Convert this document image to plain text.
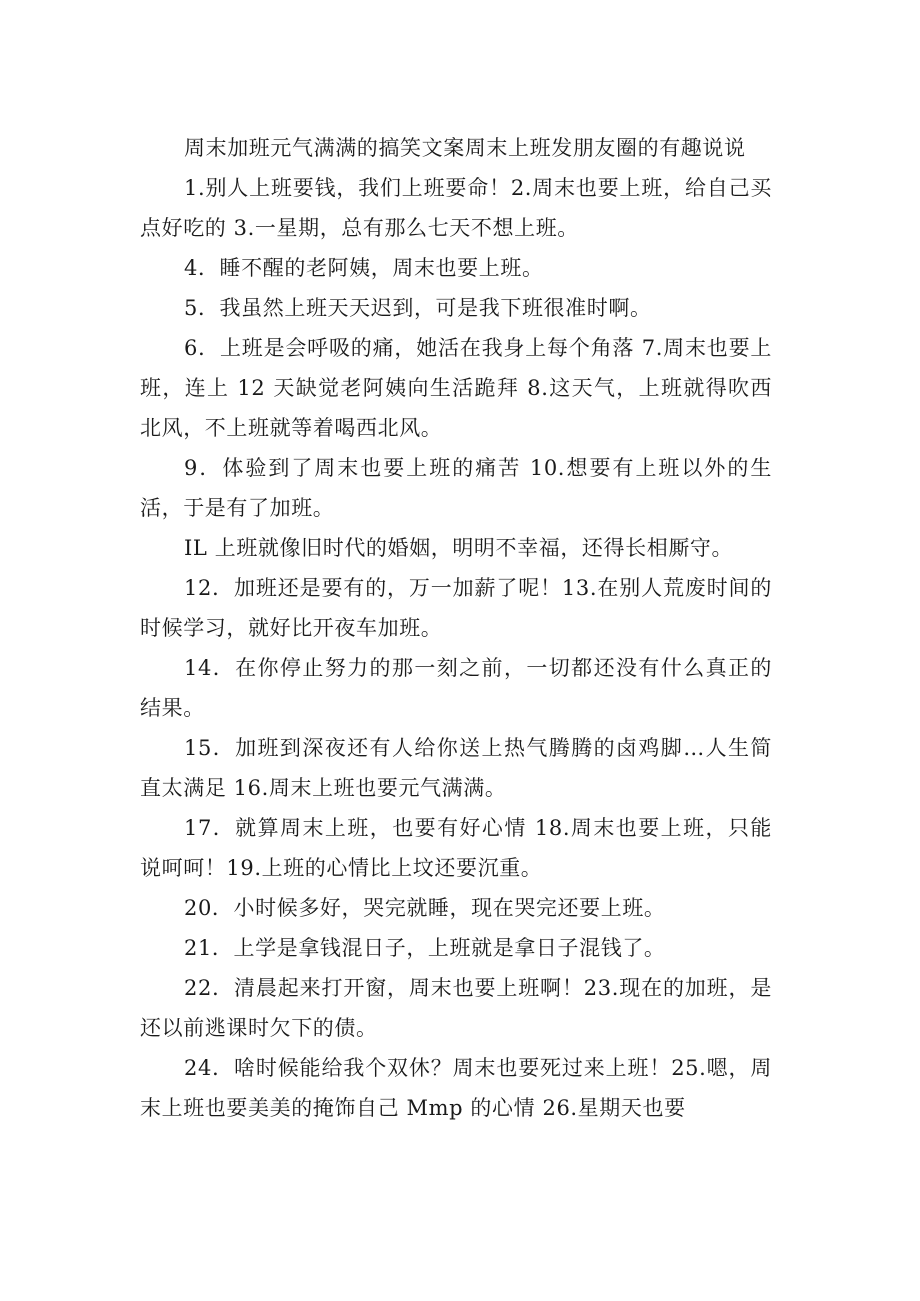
周末加班元气满满的搞笑文案周末上班发朋友圈的有趣说说

1.别人上班要钱，我们上班要命！2.周末也要上班，给自己买点好吃的 3.一星期，总有那么七天不想上班。

4．睡不醒的老阿姨，周末也要上班。

5．我虽然上班天天迟到，可是我下班很准时啊。

6．上班是会呼吸的痛，她活在我身上每个角落 7.周末也要上班，连上 12 天缺觉老阿姨向生活跪拜 8.这天气，上班就得吹西北风，不上班就等着喝西北风。

9．体验到了周末也要上班的痛苦 10.想要有上班以外的生活，于是有了加班。

IL 上班就像旧时代的婚姻，明明不幸福，还得长相厮守。

12．加班还是要有的，万一加薪了呢！13.在别人荒废时间的时候学习，就好比开夜车加班。

14．在你停止努力的那一刻之前，一切都还没有什么真正的结果。

15．加班到深夜还有人给你送上热气腾腾的卤鸡脚…人生简直太满足 16.周末上班也要元气满满。

17．就算周末上班，也要有好心情 18.周末也要上班，只能说呵呵！19.上班的心情比上坟还要沉重。

20．小时候多好，哭完就睡，现在哭完还要上班。

21．上学是拿钱混日子，上班就是拿日子混钱了。

22．清晨起来打开窗，周末也要上班啊！23.现在的加班，是还以前逃课时欠下的债。

24．啥时候能给我个双休？周末也要死过来上班！25.嗯，周末上班也要美美的掩饰自己 Mmp 的心情 26.星期天也要
